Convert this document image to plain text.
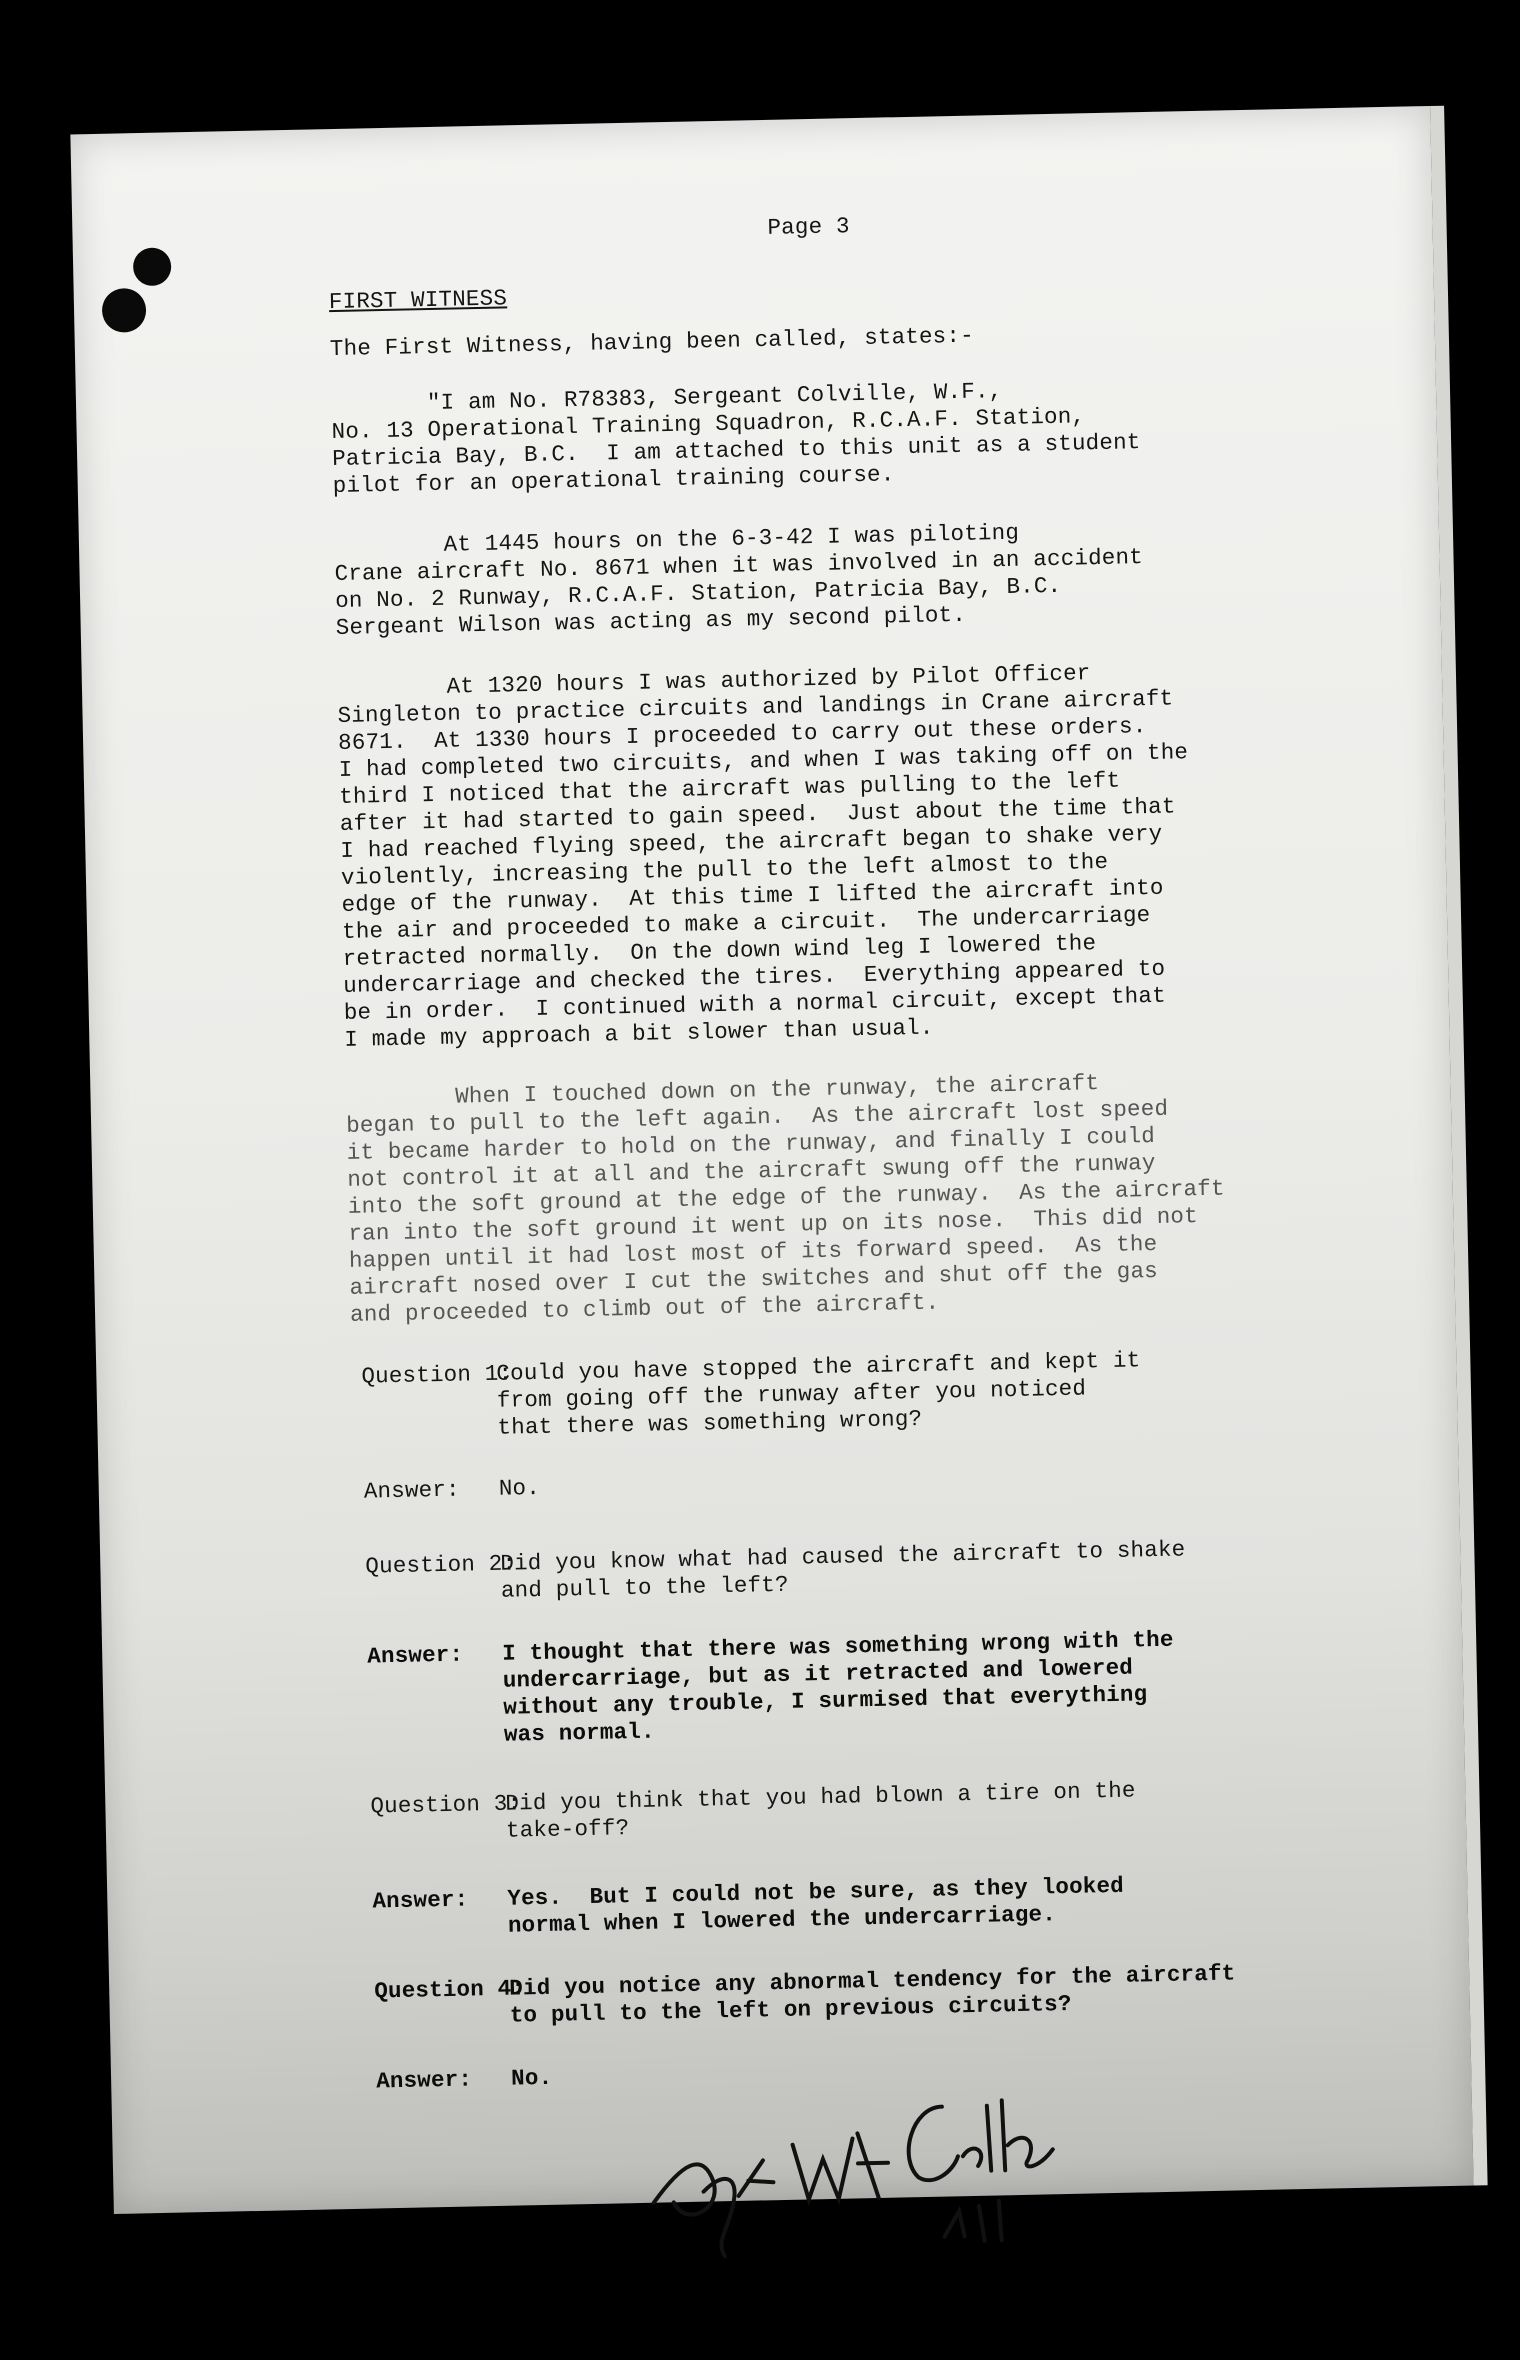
Page 3

FIRST WITNESS

The First Witness, having been called, states:-

"I am No. R78383, Sergeant Colville, W.F.,
No. 13 Operational Training Squadron, R.C.A.F. Station,
Patricia Bay, B.C.  I am attached to this unit as a student
pilot for an operational training course.

At 1445 hours on the 6-3-42 I was piloting
Crane aircraft No. 8671 when it was involved in an accident
on No. 2 Runway, R.C.A.F. Station, Patricia Bay, B.C.
Sergeant Wilson was acting as my second pilot.

At 1320 hours I was authorized by Pilot Officer
Singleton to practice circuits and landings in Crane aircraft
8671.  At 1330 hours I proceeded to carry out these orders.
I had completed two circuits, and when I was taking off on the
third I noticed that the aircraft was pulling to the left
after it had started to gain speed.  Just about the time that
I had reached flying speed, the aircraft began to shake very
violently, increasing the pull to the left almost to the
edge of the runway.  At this time I lifted the aircraft into
the air and proceeded to make a circuit.  The undercarriage
retracted normally.  On the down wind leg I lowered the
undercarriage and checked the tires.  Everything appeared to
be in order.  I continued with a normal circuit, except that
I made my approach a bit slower than usual.

When I touched down on the runway, the aircraft
began to pull to the left again.  As the aircraft lost speed
it became harder to hold on the runway, and finally I could
not control it at all and the aircraft swung off the runway
into the soft ground at the edge of the runway.  As the aircraft
ran into the soft ground it went up on its nose.  This did not
happen until it had lost most of its forward speed.  As the
aircraft nosed over I cut the switches and shut off the gas
and proceeded to climb out of the aircraft.

Question 1:

Could you have stopped the aircraft and kept it
from going off the runway after you noticed
that there was something wrong?

Answer:

No.

Question 2:

Did you know what had caused the aircraft to shake
and pull to the left?

Answer:

I thought that there was something wrong with the
undercarriage, but as it retracted and lowered
without any trouble, I surmised that everything
was normal.

Question 3:

Did you think that you had blown a tire on the
take-off?

Answer:

Yes.  But I could not be sure, as they looked
normal when I lowered the undercarriage.

Question 4:

Did you notice any abnormal tendency for the aircraft
to pull to the left on previous circuits?

Answer:

No.
